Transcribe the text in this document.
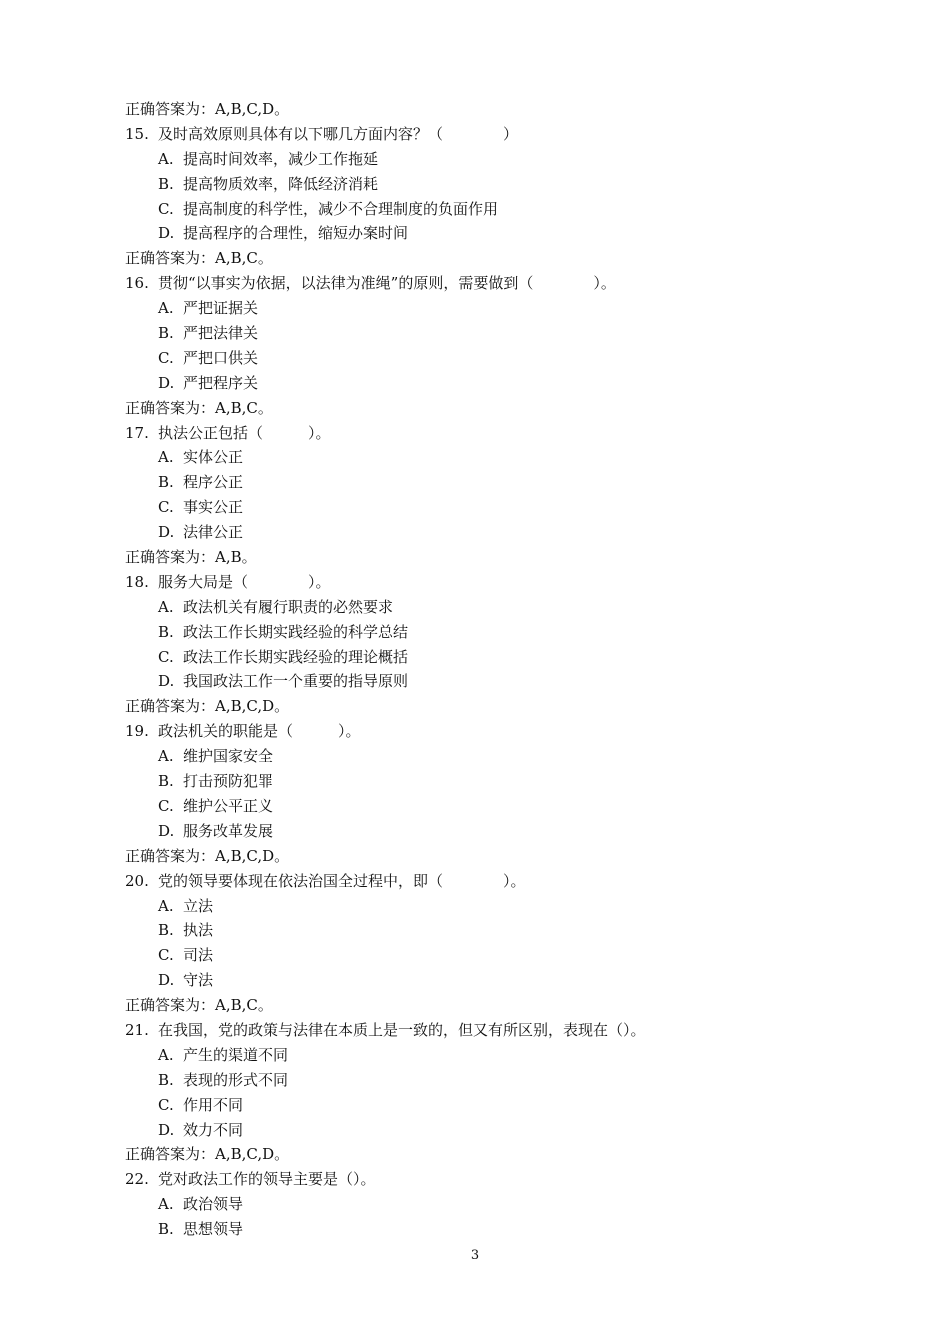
正确答案为：A,B,C,D。
15. 及时高效原则具体有以下哪几方面内容？（　　　　）
A. 提高时间效率，减少工作拖延
B. 提高物质效率，降低经济消耗
C. 提高制度的科学性，减少不合理制度的负面作用
D. 提高程序的合理性，缩短办案时间
正确答案为：A,B,C。
16. 贯彻“以事实为依据，以法律为准绳”的原则，需要做到（　　　　）。
A. 严把证据关
B. 严把法律关
C. 严把口供关
D. 严把程序关
正确答案为：A,B,C。
17. 执法公正包括（　　　）。
A. 实体公正
B. 程序公正
C. 事实公正
D. 法律公正
正确答案为：A,B。
18. 服务大局是（　　　　）。
A. 政法机关有履行职责的必然要求
B. 政法工作长期实践经验的科学总结
C. 政法工作长期实践经验的理论概括
D. 我国政法工作一个重要的指导原则
正确答案为：A,B,C,D。
19. 政法机关的职能是（　　　）。
A. 维护国家安全
B. 打击预防犯罪
C. 维护公平正义
D. 服务改革发展
正确答案为：A,B,C,D。
20. 党的领导要体现在依法治国全过程中，即（　　　　）。
A. 立法
B. 执法
C. 司法
D. 守法
正确答案为：A,B,C。
21. 在我国，党的政策与法律在本质上是一致的，但又有所区别，表现在（）。
A. 产生的渠道不同
B. 表现的形式不同
C. 作用不同
D. 效力不同
正确答案为：A,B,C,D。
22. 党对政法工作的领导主要是（）。
A. 政治领导
B. 思想领导
3
